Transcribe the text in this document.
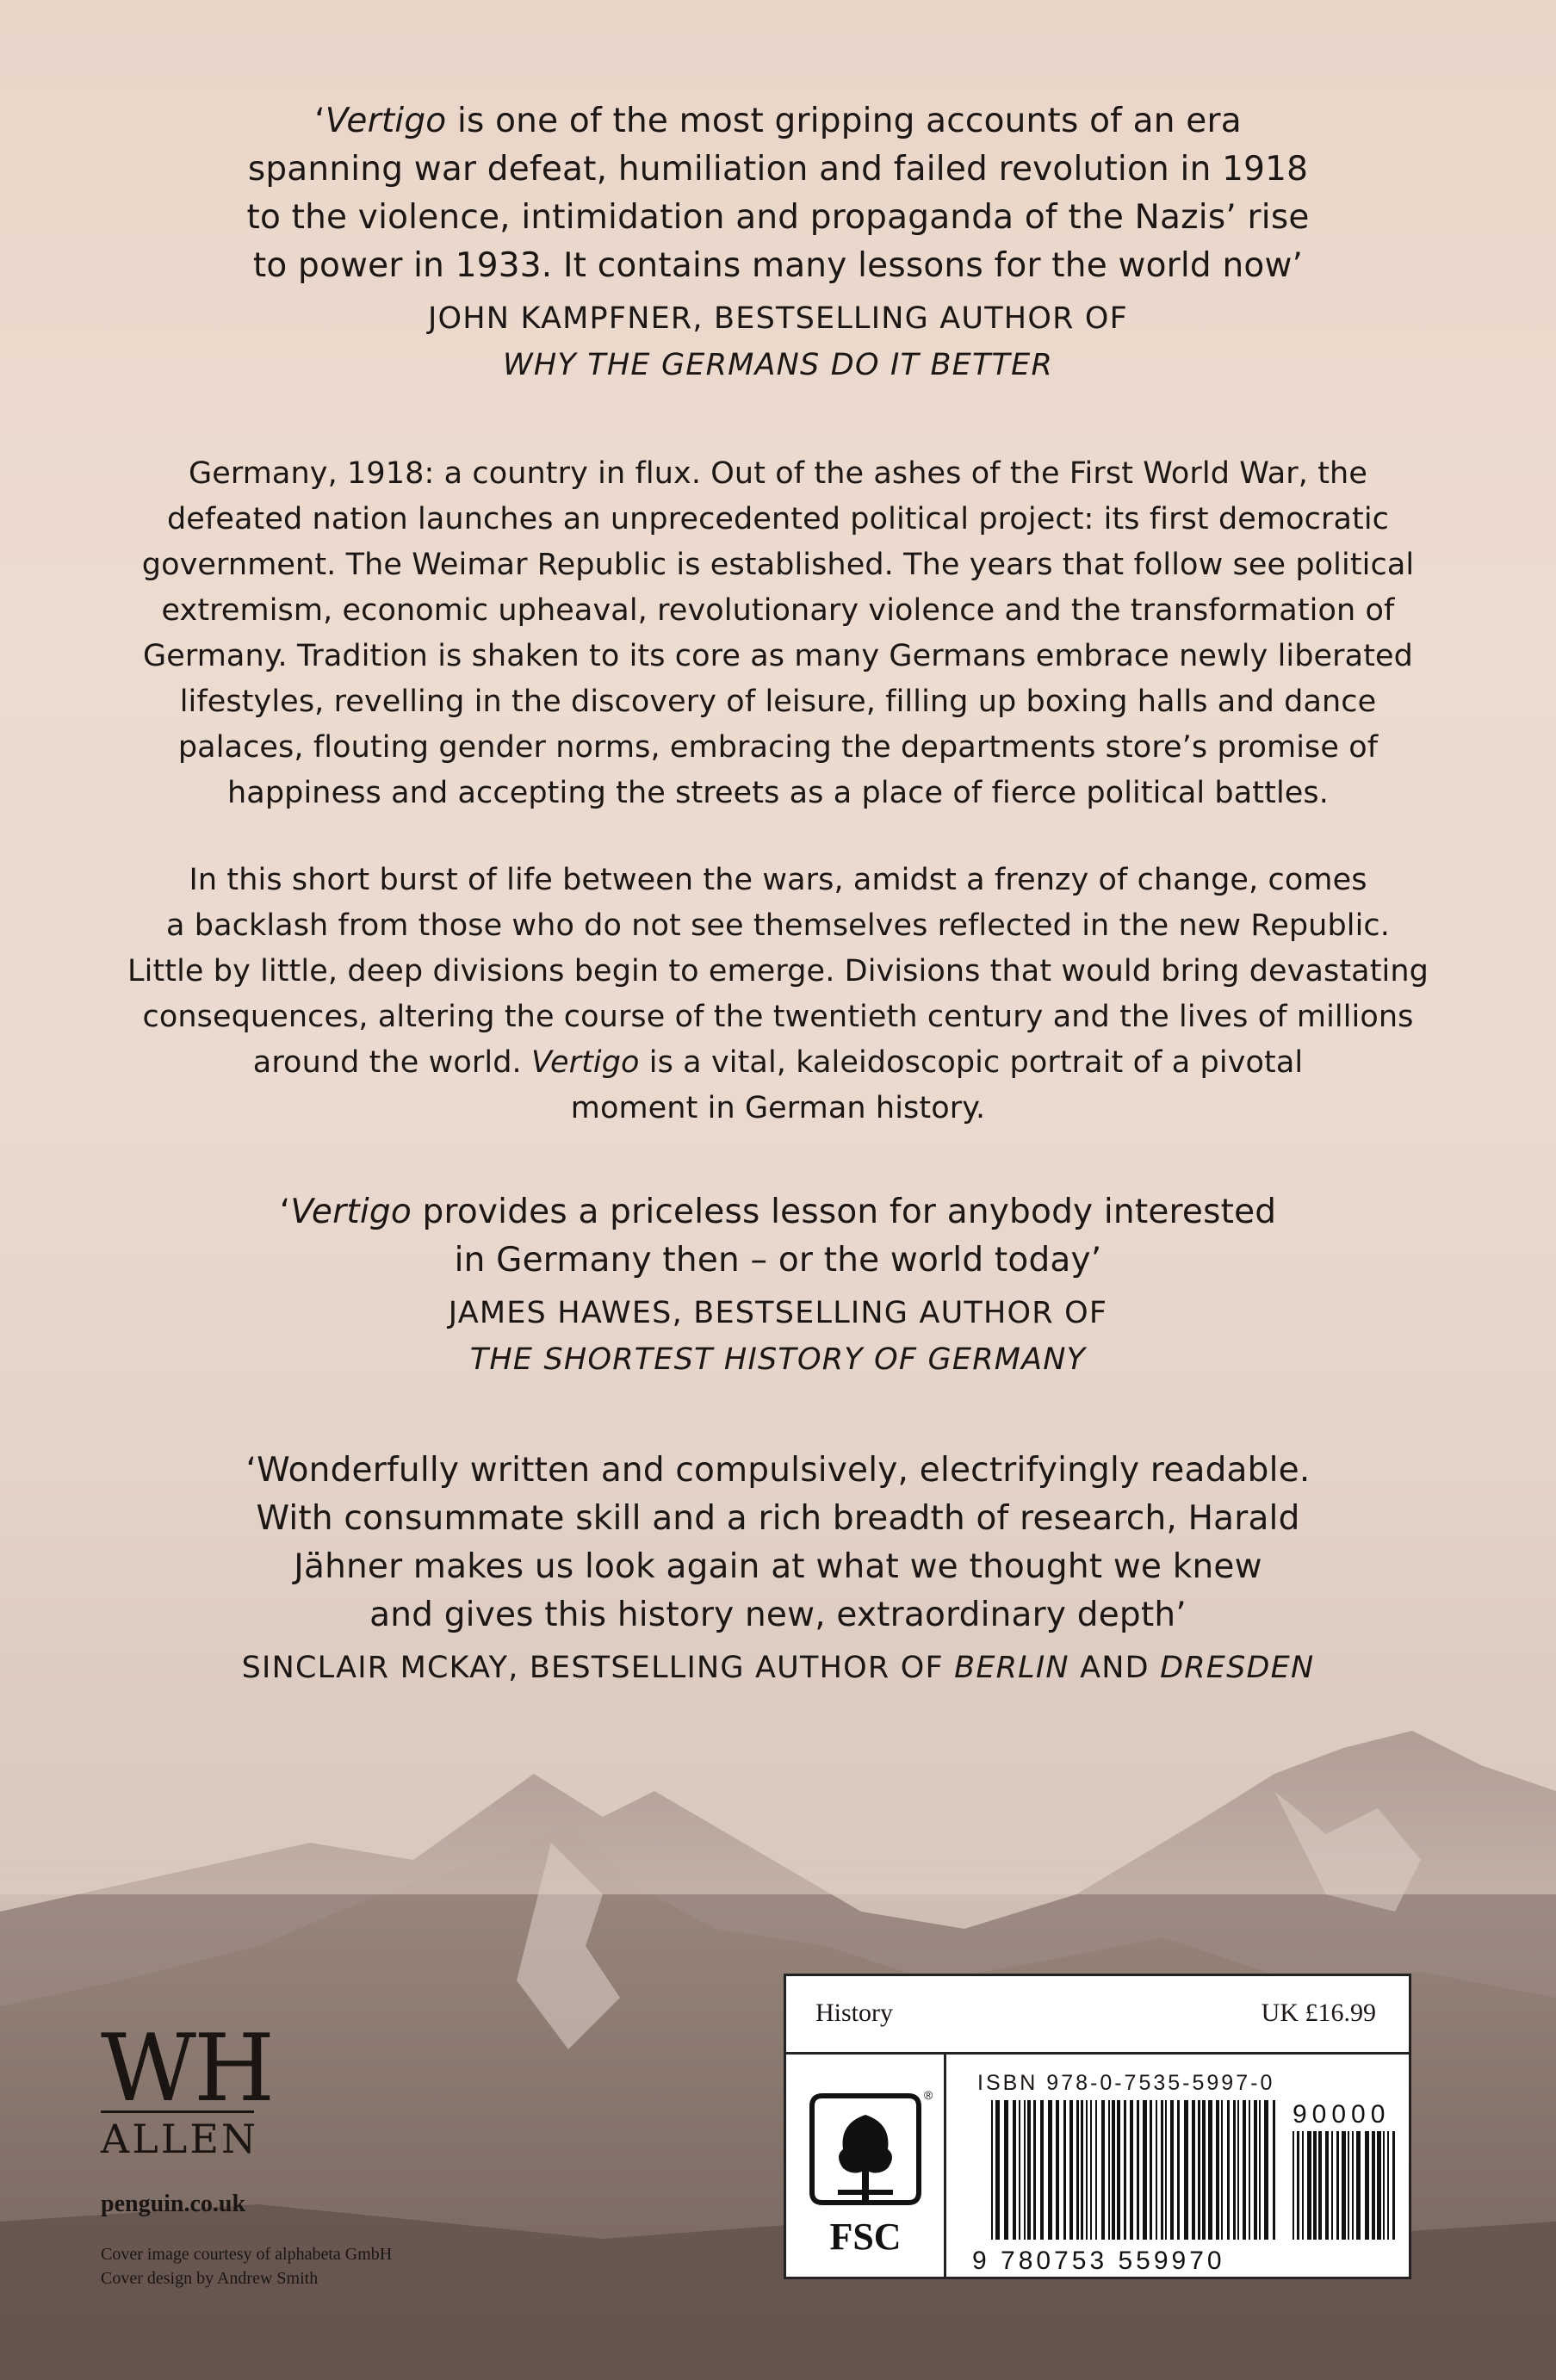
‘Vertigo is one of the most gripping accounts of an era
spanning war defeat, humiliation and failed revolution in 1918
to the violence, intimidation and propaganda of the Nazis’ rise
to power in 1933. It contains many lessons for the world now’
JOHN KAMPFNER, BESTSELLING AUTHOR OF
WHY THE GERMANS DO IT BETTER
Germany, 1918: a country in flux. Out of the ashes of the First World War, the
defeated nation launches an unprecedented political project: its first democratic
government. The Weimar Republic is established. The years that follow see political
extremism, economic upheaval, revolutionary violence and the transformation of
Germany. Tradition is shaken to its core as many Germans embrace newly liberated
lifestyles, revelling in the discovery of leisure, filling up boxing halls and dance
palaces, flouting gender norms, embracing the departments store’s promise of
happiness and accepting the streets as a place of fierce political battles.
In this short burst of life between the wars, amidst a frenzy of change, comes
a backlash from those who do not see themselves reflected in the new Republic.
Little by little, deep divisions begin to emerge. Divisions that would bring devastating
consequences, altering the course of the twentieth century and the lives of millions
around the world. Vertigo is a vital, kaleidoscopic portrait of a pivotal
moment in German history.
‘Vertigo provides a priceless lesson for anybody interested
in Germany then – or the world today’
JAMES HAWES, BESTSELLING AUTHOR OF
THE SHORTEST HISTORY OF GERMANY
‘Wonderfully written and compulsively, electrifyingly readable.
With consummate skill and a rich breadth of research, Harald
Jähner makes us look again at what we thought we knew
and gives this history new, extraordinary depth’
SINCLAIR MCKAY, BESTSELLING AUTHOR OF BERLIN AND DRESDEN
WH
ALLEN
penguin.co.uk
Cover image courtesy of alphabeta GmbH
Cover design by Andrew Smith
History	UK £16.99
FSC
® ISBN 978-0-7535-5997-0
9 780753 559970
90000
